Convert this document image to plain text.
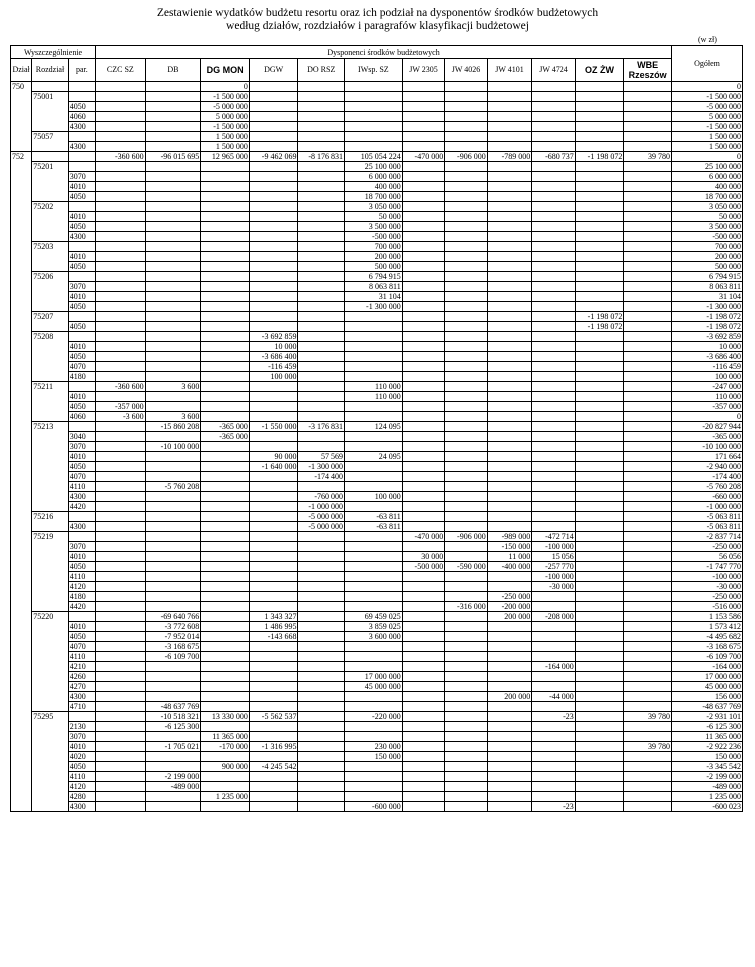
Zestawienie wydatków budżetu resortu oraz ich podział na dysponentów środków budżetowych
według działów, rozdziałów i paragrafów klasyfikacji budżetowej
(w zł)
Wyszczególnienie			Dysponenci środków budżetowych												Ogółem
Dział	Rozdział	par.	CZC SZ	DB	DG MON	DGW	DO RSZ	IWsp. SZ	JW 2305	JW 4026	JW 4101	JW 4724	OZ ŻW	WBE Rzeszów	
750					0										0
	75001				-1 500 000										-1 500 000
		4050			-5 000 000										-5 000 000
		4060			5 000 000										5 000 000
		4300			-1 500 000										-1 500 000
	75057				1 500 000										1 500 000
		4300			1 500 000										1 500 000
752			-360 600	-96 015 695	12 965 000	-9 462 069	-8 176 831	105 054 224	-470 000	-906 000	-789 000	-680 737	-1 198 072	39 780	0
	75201							25 100 000							25 100 000
		3070						6 000 000							6 000 000
		4010						400 000							400 000
		4050						18 700 000							18 700 000
	75202							3 050 000							3 050 000
		4010						50 000							50 000
		4050						3 500 000							3 500 000
		4300						-500 000							-500 000
	75203							700 000							700 000
		4010						200 000							200 000
		4050						500 000							500 000
	75206							6 794 915							6 794 915
		3070						8 063 811							8 063 811
		4010						31 104							31 104
		4050						-1 300 000							-1 300 000
	75207												-1 198 072		-1 198 072
		4050											-1 198 072		-1 198 072
	75208					-3 692 859									-3 692 859
		4010				10 000									10 000
		4050				-3 686 400									-3 686 400
		4070				-116 459									-116 459
		4180				100 000									100 000
	75211		-360 600	3 600				110 000							-247 000
		4010						110 000							110 000
		4050	-357 000												-357 000
		4060	-3 600	3 600											0
	75213			-15 860 208	-365 000	-1 550 000	-3 176 831	124 095							-20 827 944
		3040			-365 000										-365 000
		3070		-10 100 000											-10 100 000
		4010				90 000	57 569	24 095							171 664
		4050				-1 640 000	-1 300 000								-2 940 000
		4070					-174 400								-174 400
		4110		-5 760 208											-5 760 208
		4300					-760 000	100 000							-660 000
		4420					-1 000 000								-1 000 000
	75216						-5 000 000	-63 811							-5 063 811
		4300					-5 000 000	-63 811							-5 063 811
	75219								-470 000	-906 000	-989 000	-472 714			-2 837 714
		3070									-150 000	-100 000			-250 000
		4010							30 000		11 000	15 056			56 056
		4050							-500 000	-590 000	-400 000	-257 770			-1 747 770
		4110										-100 000			-100 000
		4120										-30 000			-30 000
		4180									-250 000				-250 000
		4420								-316 000	-200 000				-516 000
	75220			-69 640 766		1 343 327		69 459 025			200 000	-208 000			1 153 586
		4010		-3 772 608		1 486 995		3 859 025							1 573 412
		4050		-7 952 014		-143 668		3 600 000							-4 495 682
		4070		-3 168 675											-3 168 675
		4110		-6 109 700											-6 109 700
		4210										-164 000			-164 000
		4260						17 000 000							17 000 000
		4270						45 000 000							45 000 000
		4300									200 000	-44 000			156 000
		4710		-48 637 769											-48 637 769
	75295			-10 518 321	13 330 000	-5 562 537		-220 000				-23		39 780	-2 931 101
		2130		-6 125 300											-6 125 300
		3070			11 365 000										11 365 000
		4010		-1 705 021	-170 000	-1 316 995		230 000						39 780	-2 922 236
		4020						150 000							150 000
		4050			900 000	-4 245 542									-3 345 542
		4110		-2 199 000											-2 199 000
		4120		-489 000											-489 000
		4280			1 235 000										1 235 000
		4300						-600 000				-23			-600 023
